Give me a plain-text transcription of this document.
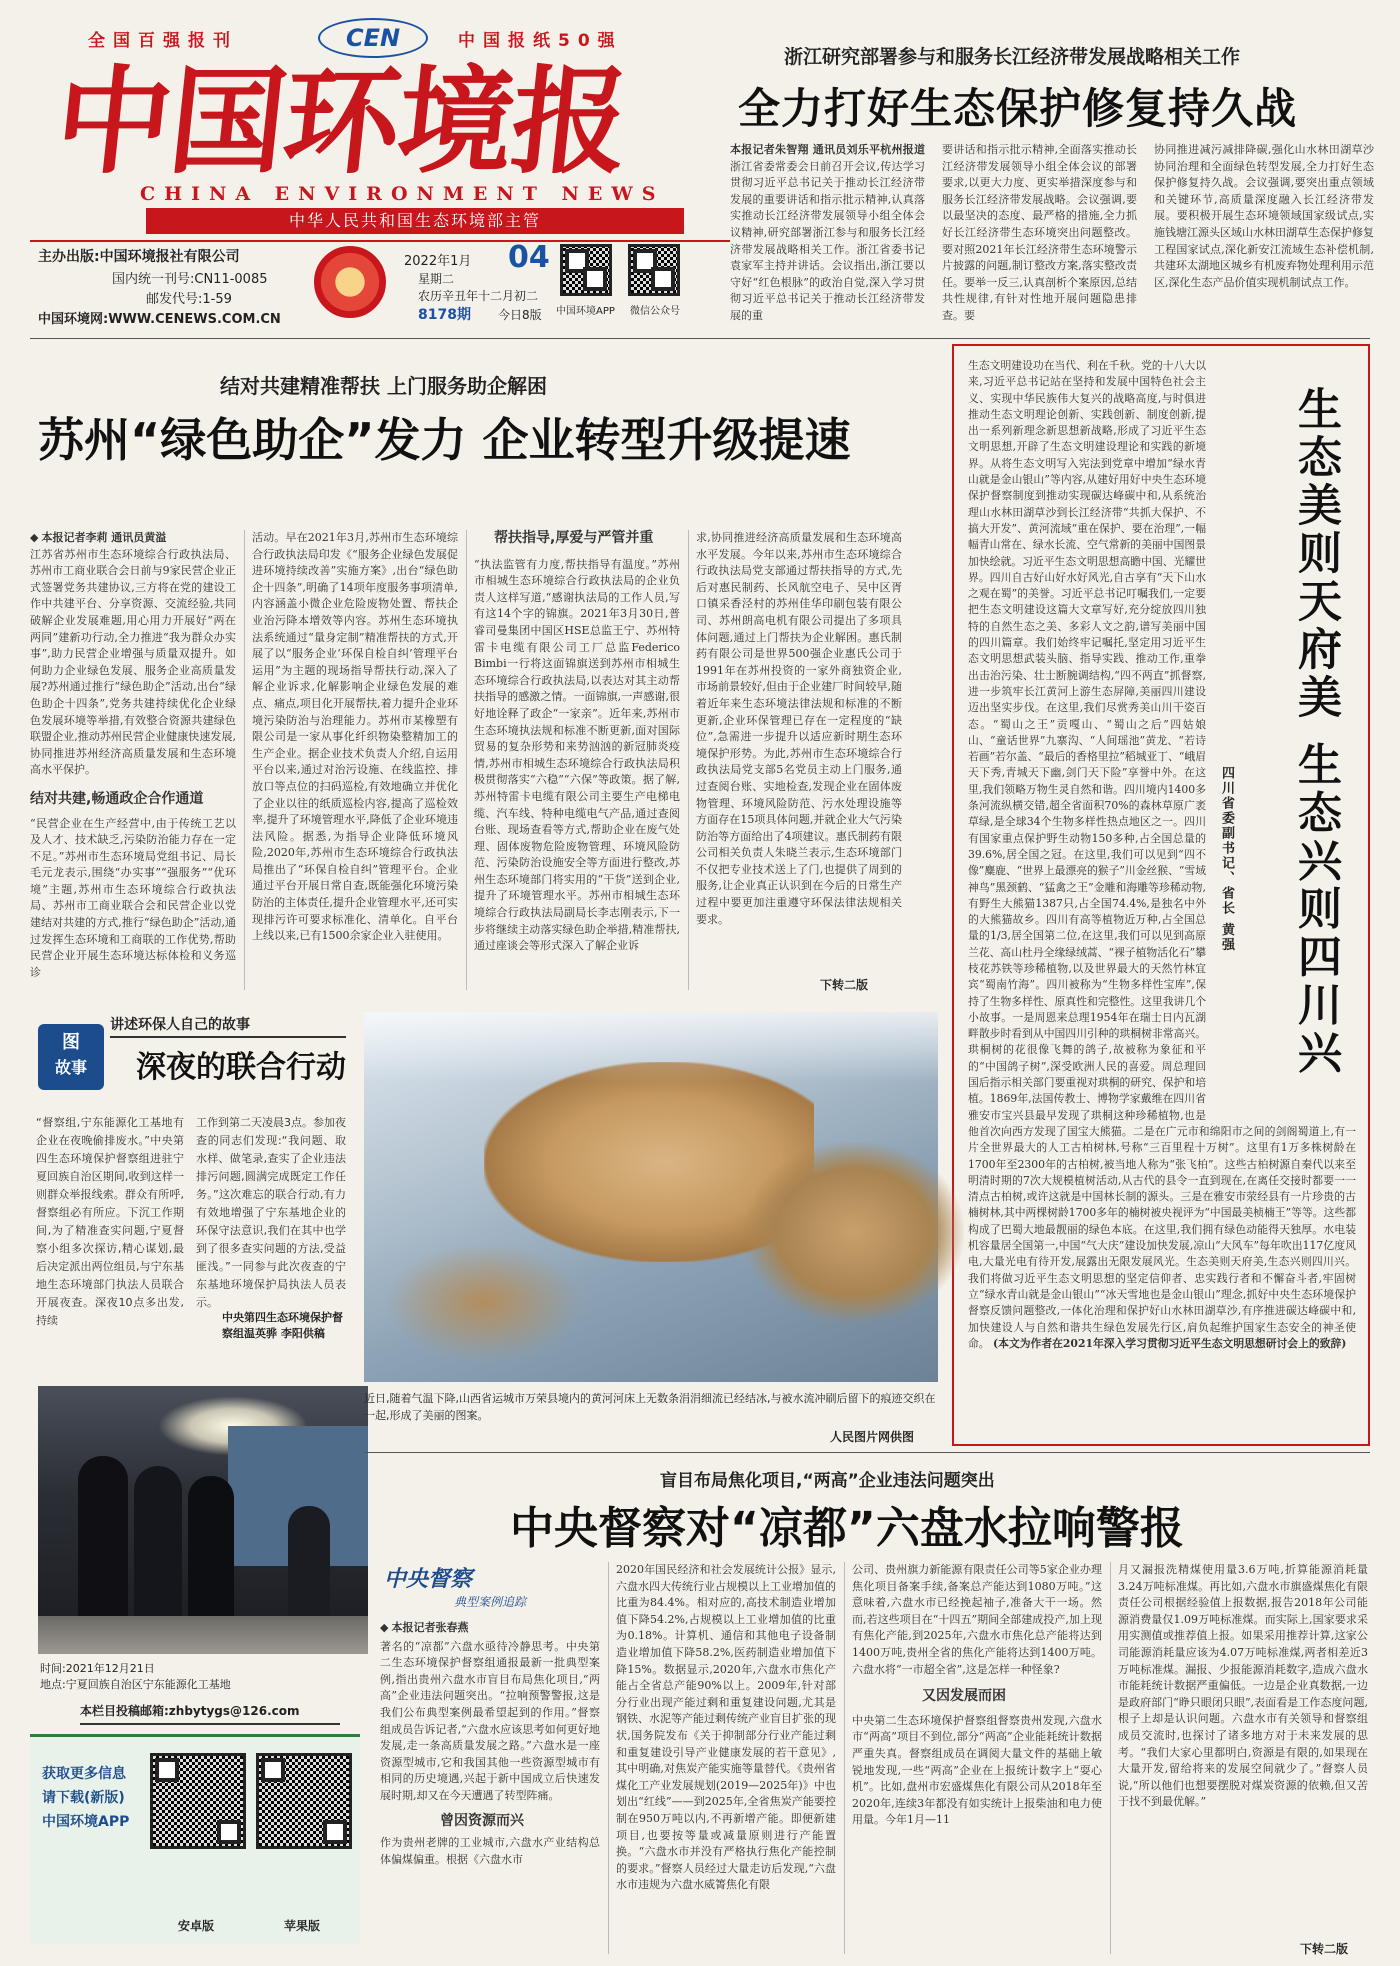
全国百强报刊	CEN	中国报纸50强
中国环境报
CHINA ENVIRONMENT NEWS
中华人民共和国生态环境部主管
主办出版:中国环境报社有限公司
国内统一刊号:CN11-0085
邮发代号:1-59
中国环境网:WWW.CENEWS.COM.CN
2022年1月 04
星期二
农历辛丑年十二月初二
8178期 今日8版 中国环境APP 微信公众号
浙江研究部署参与和服务长江经济带发展战略相关工作
全力打好生态保护修复持久战
本报记者朱智翔 通讯员刘乐平杭州报道 浙江省委常委会日前召开会议,传达学习贯彻习近平总书记关于推动长江经济带发展的重要讲话和指示批示精神,认真落实推动长江经济带发展领导小组全体会议精神,研究部署浙江参与和服务长江经济带发展战略相关工作。浙江省委书记袁家军主持并讲话。会议指出,浙江要以守好“红色根脉”的政治自觉,深入学习贯彻习近平总书记关于推动长江经济带发展的重
要讲话和指示批示精神,全面落实推动长江经济带发展领导小组全体会议的部署要求,以更大力度、更实举措深度参与和服务长江经济带发展战略。会议强调,要以最坚决的态度、最严格的措施,全力抓好长江经济带生态环境突出问题整改。要对照2021年长江经济带生态环境警示片披露的问题,制订整改方案,落实整改责任。要举一反三,认真剖析个案原因,总结共性规律,有针对性地开展问题隐患排查。要
协同推进减污减排降碳,强化山水林田湖草沙协同治理和全面绿色转型发展,全力打好生态保护修复持久战。会议强调,要突出重点领域和关键环节,高质量深度融入长江经济带发展。要积极开展生态环境领域国家级试点,实施钱塘江源头区域山水林田湖草生态保护修复工程国家试点,深化新安江流域生态补偿机制,共建环太湖地区城乡有机废弃物处理利用示范区,深化生态产品价值实现机制试点工作。
结对共建精准帮扶 上门服务助企解困
苏州“绿色助企”发力 企业转型升级提速
◆ 本报记者李莉 通讯员黄溢
江苏省苏州市生态环境综合行政执法局、苏州市工商业联合会日前与9家民营企业正式签署党务共建协议,三方将在党的建设工作中共建平台、分享资源、交流经验,共同破解企业发展难题,用心用力开展好“两在两同”建新功行动,全力推进“我为群众办实事”,助力民营企业增强与质量双提升。如何助力企业绿色发展、服务企业高质量发展?苏州通过推行“绿色助企”活动,出台“绿色助企十四条”,党务共建持续优化企业绿色发展环境等举措,有效整合资源共建绿色联盟企业,推动苏州民营企业健康快速发展,协同推进苏州经济高质量发展和生态环境高水平保护。
结对共建,畅通政企合作通道
“民营企业在生产经营中,由于传统工艺以及人才、技术缺乏,污染防治能力存在一定不足。”苏州市生态环境局党组书记、局长毛元龙表示,围绕“办实事”“强服务”“优环境”主题,苏州市生态环境综合行政执法局、苏州市工商业联合会和民营企业以党建结对共建的方式,推行“绿色助企”活动,通过发挥生态环境和工商联的工作优势,帮助民营企业开展生态环境达标体检和义务巡诊
活动。早在2021年3月,苏州市生态环境综合行政执法局印发《“服务企业绿色发展促进环境持续改善”实施方案》,出台“绿色助企十四条”,明确了14项年度服务事项清单,内容涵盖小微企业危险废物处置、帮扶企业治污降本增效等内容。苏州生态环境执法系统通过“量身定制”精准帮扶的方式,开展了以“服务企业‘环保自检自纠’管理平台运用”为主题的现场指导帮扶行动,深入了解企业诉求,化解影响企业绿色发展的难点、痛点,项目化开展帮扶,着力提升企业环境污染防治与治理能力。苏州市某橡塑有限公司是一家从事化纤织物染整精加工的生产企业。据企业技术负责人介绍,自运用平台以来,通过对治污设施、在线监控、排放口等点位的扫码巡检,有效地确立并优化了企业以往的纸质巡检内容,提高了巡检效率,提升了环境管理水平,降低了企业环境违法风险。据悉,为指导企业降低环境风险,2020年,苏州市生态环境综合行政执法局推出了“环保自检自纠”管理平台。企业通过平台开展日常自查,既能强化环境污染防治的主体责任,提升企业管理水平,还可实现排污许可要求标准化、清单化。自平台上线以来,已有1500余家企业入驻使用。
帮扶指导,厚爱与严管并重
“执法监管有力度,帮扶指导有温度。”苏州市相城生态环境综合行政执法局的企业负责人这样写道,“感谢执法局的工作人员,写有这14个字的锦旗。2021年3月30日,普睿司曼集团中国区HSE总监王宁、苏州特雷卡电缆有限公司工厂总监Federico Bimbi一行将这面锦旗送到苏州市相城生态环境综合行政执法局,以表达对其主动帮扶指导的感激之情。一面锦旗,一声感谢,很好地诠释了政企“一家亲”。近年来,苏州市生态环境执法规和标准不断更新,面对国际贸易的复杂形势和来势汹汹的新冠肺炎疫情,苏州市相城生态环境综合行政执法局积极贯彻落实“六稳”“六保”等政策。据了解,苏州特雷卡电缆有限公司主要生产电梯电缆、汽车线、特种电缆电气产品,通过查阅台账、现场查看等方式,帮助企业在废气处理、固体废物危险废物管理、环境风险防范、污染防治设施安全等方面进行整改,苏州生态环境部门将实用的“干货”送到企业,提升了环境管理水平。苏州市相城生态环境综合行政执法局副局长李志刚表示,下一步将继续主动落实绿色助企举措,精准帮扶,通过座谈会等形式深入了解企业诉
求,协同推进经济高质量发展和生态环境高水平发展。今年以来,苏州市生态环境综合行政执法局党支部通过帮扶指导的方式,先后对惠民制药、长风航空电子、吴中区胥口镇采香泾村的苏州佳华印刷包装有限公司、苏州朗高电机有限公司提出了多项具体问题,通过上门帮扶为企业解困。惠氏制药有限公司是世界500强企业惠氏公司于1991年在苏州投资的一家外商独资企业,市场前景较好,但由于企业建厂时间较早,随着近年来生态环境法律法规和标准的不断更新,企业环保管理已存在一定程度的“缺位”,急需进一步提升以适应新时期生态环境保护形势。为此,苏州市生态环境综合行政执法局党支部5名党员主动上门服务,通过查阅台账、实地检查,发现企业在固体废物管理、环境风险防范、污水处理设施等方面存在15项具体问题,并就企业大气污染防治等方面给出了4项建议。惠氏制药有限公司相关负责人朱晓兰表示,生态环境部门不仅把专业技术送上了门,也提供了周到的服务,让企业真正认识到在今后的日常生产过程中要更加注重遵守环保法律法规相关要求。
下转二版	生态美则天府美 生态兴则四川兴
四川省委副书记、省长 黄强
生态文明建设功在当代、利在千秋。党的十八大以来,习近平总书记站在坚持和发展中国特色社会主义、实现中华民族伟大复兴的战略高度,与时俱进推动生态文明理论创新、实践创新、制度创新,提出一系列新理念新思想新战略,形成了习近平生态文明思想,开辟了生态文明建设理论和实践的新境界。从将生态文明写入宪法到党章中增加“绿水青山就是金山银山”等内容,从建好用好中央生态环境保护督察制度到推动实现碳达峰碳中和,从系统治理山水林田湖草沙到长江经济带“共抓大保护、不搞大开发”、黄河流域“重在保护、要在治理”,一幅幅青山常在、绿水长流、空气常新的美丽中国图景加快绘就。习近平生态文明思想高瞻中国、光耀世界。四川自古好山好水好风光,自古享有“天下山水之观在蜀”的美誉。习近平总书记叮嘱我们,一定要把生态文明建设这篇大文章写好,充分绽放四川独特的自然生态之美、多彩人文之韵,谱写美丽中国的四川篇章。我们始终牢记嘱托,坚定用习近平生态文明思想武装头脑、指导实践、推动工作,重拳出击治污染、壮士断腕调结构,“四不两直”抓督察,进一步筑牢长江黄河上游生态屏障,美丽四川建设迈出坚实步伐。在这里,我们尽赏秀美山川干姿百态。“蜀山之王”贡嘎山、“蜀山之后”四姑娘山、“童话世界”九寨沟、“人间瑶池”黄龙、“若诗若画”若尔盖、“最后的香格里拉”稻城亚丁、“峨眉天下秀,青城天下幽,剑门天下险”享誉中外。在这里,我们领略万物生灵自然和谐。四川境内1400多条河流纵横交错,超全省面积70%的森林草原广袤草绿,是全球34个生物多样性热点地区之一。四川有国家重点保护野生动物150多种,占全国总量的39.6%,居全国之冠。在这里,我们可以见到“四不像”麋鹿、“世界上最漂亮的猴子”川金丝猴、“雪域神鸟”黑颈鹤、“猛禽之王”金雕和海雕等珍稀动物,有野生大熊猫1387只,占全国74.4%,是独名中外的大熊猫故乡。四川有高等植物近万种,占全国总量的1/3,居全国第二位,在这里,我们可以见到高原兰花、高山杜丹全缘绿绒蒿、“裸子植物活化石”攀枝花苏铁等珍稀植物,以及世界最大的天然竹林宜宾“蜀南竹海”。四川被称为“生物多样性宝库”,保持了生物多样性、原真性和完整性。这里我讲几个小故事。一是周恩来总理1954年在瑞士日内瓦湖畔散步时看到从中国四川引种的珙桐树非常高兴。珙桐树的花很像飞舞的鸽子,故被称为象征和平的“中国鸽子树”,深受欧洲人民的喜爱。周总理回国后指示相关部门要重视对珙桐的研究、保护和培植。1869年,法国传教士、博物学家戴维在四川省雅安市宝兴县最早发现了珙桐这种珍稀植物,也是他首次向西方发现了国宝大熊猫。二是在广元市和绵阳市之间的剑阁蜀道上,有一片全世界最大的人工古柏树林,号称“三百里程十万树”。这里有1万多株树龄在1700年至2300年的古柏树,被当地人称为“张飞柏”。这些古柏树源自秦代以来至明清时期的7次大规模植树活动,从古代的县令一直到现在,在离任交接时都要一一清点古柏树,或许这就是中国林长制的源头。三是在雅安市荥经县有一片珍贵的古楠树林,其中两棵树龄1700多年的楠树被央视评为“中国最美桢楠王”等等。这些都构成了巴蜀大地最靓丽的绿色本底。在这里,我们拥有绿色动能得天独厚。水电装机容量居全国第一,中国“气大庆”建设加快发展,凉山“大风车”每年吹出117亿度风电,大量光电有待开发,展露出无限发展风光。生态美则天府美,生态兴则四川兴。我们将做习近平生态文明思想的坚定信仰者、忠实践行者和不懈奋斗者,牢固树立“绿水青山就是金山银山”“冰天雪地也是金山银山”理念,抓好中央生态环境保护督察反馈问题整改,一体化治理和保护好山水林田湖草沙,有序推进碳达峰碳中和,加快建设人与自然和谐共生绿色发展先行区,肩负起维护国家生态安全的神圣使命。 (本文为作者在2021年深入学习贯彻习近平生态文明思想研讨会上的致辞)
讲述环保人自己的故事
图
故事	深夜的联合行动
“督察组,宁东能源化工基地有企业在夜晚偷排废水。”中央第四生态环境保护督察组进驻宁夏回族自治区期间,收到这样一则群众举报线索。群众有所呼,督察组必有所应。下沉工作期间,为了精准查实问题,宁夏督察小组多次探访,精心谋划,最后决定派出两位组员,与宁东基地生态环境部门执法人员联合开展夜查。深夜10点多出发,持续
工作到第二天凌晨3点。参加夜查的同志们发现:“我问题、取水样、做笔录,查实了企业违法排污问题,圆满完成既定工作任务。”这次难忘的联合行动,有力有效地增强了宁东基地企业的环保守法意识,我们在其中也学到了很多查实问题的方法,受益匪浅。”一同参与此次夜查的宁东基地环境保护局执法人员表示。
中央第四生态环境保护督察组温英骅 李阳供稿
时间:2021年12月21日
地点:宁夏回族自治区宁东能源化工基地
近日,随着气温下降,山西省运城市万荣县境内的黄河河床上无数条涓涓细流已经结冰,与被水流冲刷后留下的痕迹交织在一起,形成了美丽的图案。
人民图片网供图
本栏目投稿邮箱:zhbytygs@126.com
获取更多信息
请下载(新版)
中国环境APP
安卓版	苹果版
盲目布局焦化项目,“两高”企业违法问题突出
中央督察对“凉都”六盘水拉响警报
中央督察
典型案例追踪
◆ 本报记者张春燕
著名的“凉都”六盘水亟待冷静思考。中央第二生态环境保护督察组通报最新一批典型案例,指出贵州六盘水市盲目布局焦化项目,“两高”企业违法问题突出。“拉响预警警报,这是我们公布典型案例最希望起到的作用。”督察组成员告诉记者,“六盘水应该思考如何更好地发展,走一条高质量发展之路。”六盘水是一座资源型城市,它和我国其他一些资源型城市有相同的历史境遇,兴起于新中国成立后快速发展时期,却又在今天遭遇了转型阵痛。
曾因资源而兴
作为贵州老牌的工业城市,六盘水产业结构总体偏煤偏重。根据《六盘水市
2020年国民经济和社会发展统计公报》显示,六盘水四大传统行业占规模以上工业增加值的比重为84.4%。相对应的,高技术制造业增加值下降54.2%,占规模以上工业增加值的比重为0.18%。计算机、通信和其他电子设备制造业增加值下降58.2%,医药制造业增加值下降15%。数据显示,2020年,六盘水市焦化产能占全省总产能90%以上。2009年,针对部分行业出现产能过剩和重复建设问题,尤其是钢铁、水泥等产能过剩传统产业盲目扩张的现状,国务院发布《关于抑制部分行业产能过剩和重复建设引导产业健康发展的若干意见》,其中明确,对焦炭产能实施等量替代。《贵州省煤化工产业发展规划(2019—2025年)》中也划出“红线”——到2025年,全省焦炭产能要控制在950万吨以内,不再新增产能。即便新建项目,也要按等量或减量原则进行产能置换。“六盘水市并没有严格执行焦化产能控制的要求。”督察人员经过大量走访后发现,“六盘水市违规为六盘水威箐焦化有限
公司、贵州旗力新能源有限责任公司等5家企业办理焦化项目备案手续,备案总产能达到1080万吨。”这意味着,六盘水市已经挽起袖子,准备大干一场。然而,若这些项目在“十四五”期间全部建成投产,加上现有焦化产能,到2025年,六盘水市焦化总产能将达到1400万吨,贵州全省的焦化产能将达到1400万吨。六盘水将“一市超全省”,这是怎样一种怪象?
又因发展而困
中央第二生态环境保护督察组督察贵州发现,六盘水市“两高”项目不到位,部分“两高”企业能耗统计数据严重失真。督察组成员在调阅大量文件的基础上敏锐地发现,一些“两高”企业在上报统计数字上“耍心机”。比如,盘州市宏盛煤焦化有限公司从2018年至2020年,连续3年都没有如实统计上报柴油和电力使用量。今年1月—11
月又漏报洗精煤使用量3.6万吨,折算能源消耗量3.24万吨标准煤。再比如,六盘水市旗盛煤焦化有限责任公司根据经验值上报数据,报告2018年公司能源消费量仅1.09万吨标准煤。而实际上,国家要求采用实测值或推荐值上报。如果采用推荐计算,这家公司能源消耗量应该为4.07万吨标准煤,两者相差近3万吨标准煤。漏报、少报能源消耗数字,造成六盘水市能耗统计数据严重偏低。一边是企业真数据,一边是政府部门“睁只眼闭只眼”,表面看是工作态度问题,根子上却是认识问题。六盘水市有关领导和督察组成员交流时,也探讨了诸多地方对于未来发展的思考。“我们大家心里都明白,资源是有限的,如果现在大量开发,留给将来的发展空间就少了。”督察人员说,“所以他们也想要摆脱对煤炭资源的依赖,但又苦于找不到最优解。”
下转二版
